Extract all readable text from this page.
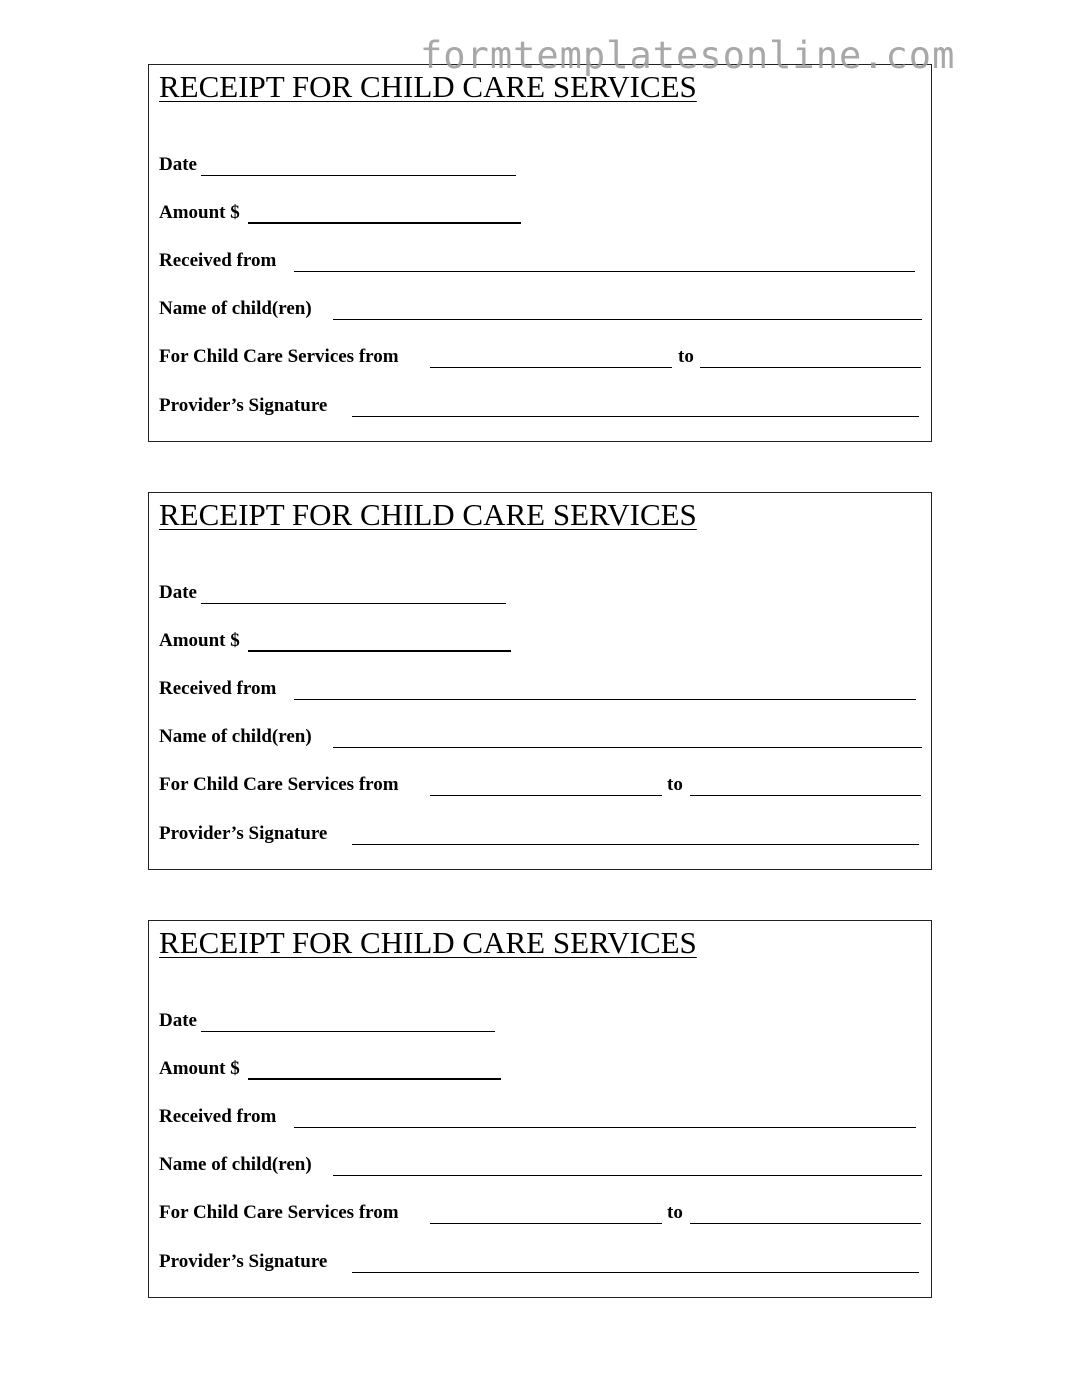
formtemplatesonline.com
RECEIPT FOR CHILD CARE SERVICES
Date
Amount $
Received from
Name of child(ren)
For Child Care Services from	to
Provider’s Signature
RECEIPT FOR CHILD CARE SERVICES
Date
Amount $
Received from
Name of child(ren)
For Child Care Services from	to
Provider’s Signature
RECEIPT FOR CHILD CARE SERVICES
Date
Amount $
Received from
Name of child(ren)
For Child Care Services from	to
Provider’s Signature
